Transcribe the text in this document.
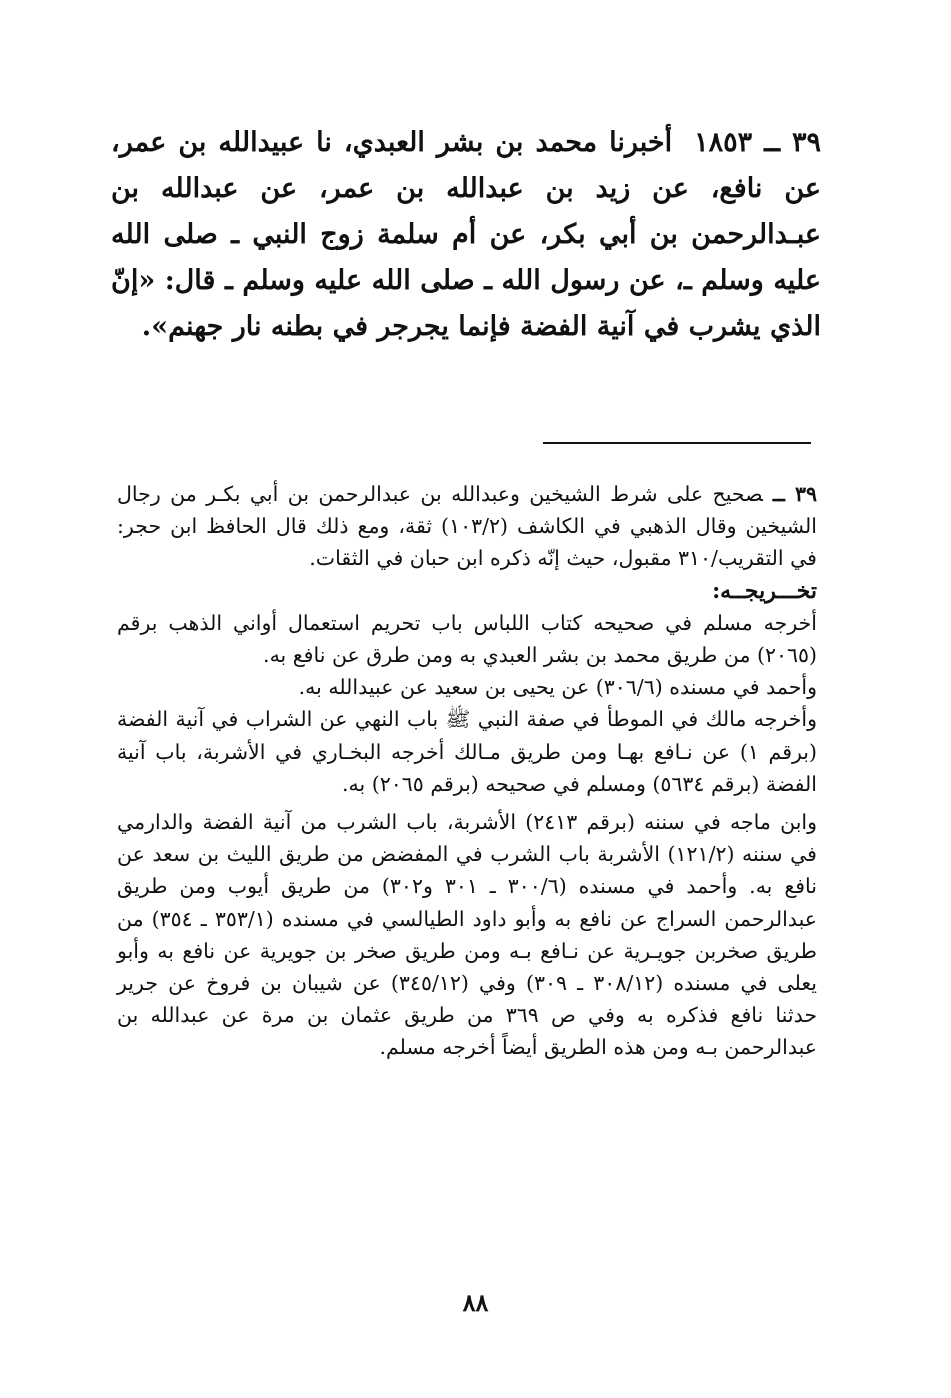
٣٩ ــ ١٨٥٣أخبرنا محمد بن بشر العبدي، نا عبيدالله بن عمر، عن نافع، عن زيد بن عبدالله بن عمر، عن عبدالله بن عبـدالرحمن بن أبي بكر، عن أم سلمة زوج النبي ـ صلى الله عليه وسلم ـ، عن رسول الله ـ صلى الله عليه وسلم ـ قال: «إنّ الذي يشرب في آنية الفضة فإنما يجرجر في بطنه نار جهنم».

٣٩ ــصحيح على شرط الشيخين وعبدالله بن عبدالرحمن بن أبي بكـر من رجال الشيخين وقال الذهبي في الكاشف (١٠٣/٢) ثقة، ومع ذلك قال الحافظ ابن حجر: في التقريب/٣١٠ مقبول، حيث إنّه ذكره ابن حبان في الثقات.

تخـــريجــه:

أخرجه مسلم في صحيحه كتاب اللباس باب تحريم استعمال أواني الذهب برقم (٢٠٦٥) من طريق محمد بن بشر العبدي به ومن طرق عن نافع به.

وأحمد في مسنده (٣٠٦/٦) عن يحيى بن سعيد عن عبيدالله به.

وأخرجه مالك في الموطأ في صفة النبي ﷺ باب النهي عن الشراب في آنية الفضة (برقم ١) عن نـافع بهـا ومن طريق مـالك أخرجه البخـاري في الأشربة، باب آنية الفضة (برقم ٥٦٣٤) ومسلم في صحيحه (برقم ٢٠٦٥) به.

وابن ماجه في سننه (برقم ٢٤١٣) الأشربة، باب الشرب من آنية الفضة والدارمي في سننه (١٢١/٢) الأشربة باب الشرب في المفضض من طريق الليث بن سعد عن نافع به. وأحمد في مسنده (٣٠٠/٦ ـ ٣٠١ و٣٠٢) من طريق أيوب ومن طريق عبدالرحمن السراج عن نافع به وأبو داود الطيالسي في مسنده (٣٥٣/١ ـ ٣٥٤) من طريق صخربن جويـرية عن نـافع بـه ومن طريق صخر بن جويرية عن نافع به وأبو يعلى في مسنده (٣٠٨/١٢ ـ ٣٠٩) وفي (٣٤٥/١٢) عن شيبان بن فروخ عن جرير حدثنا نافع فذكره به وفي ص ٣٦٩ من طريق عثمان بن مرة عن عبدالله بن عبدالرحمن بـه ومن هذه الطريق أيضاً أخرجه مسلم.

٨٨
